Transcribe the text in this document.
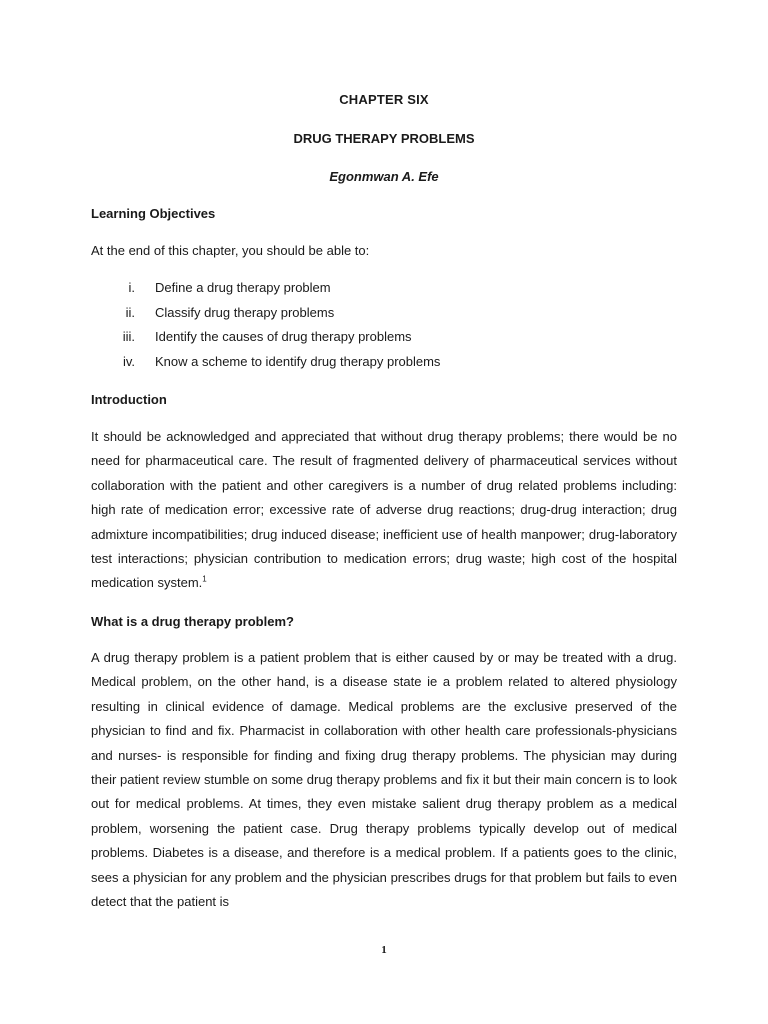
CHAPTER SIX
DRUG THERAPY PROBLEMS
Egonmwan A. Efe
Learning Objectives
At the end of this chapter, you should be able to:
i.	Define a drug therapy problem
ii.	Classify drug therapy problems
iii.	Identify the causes of drug therapy problems
iv.	Know a scheme to identify drug therapy problems
Introduction

It should be acknowledged and appreciated that without drug therapy problems; there would be no need for pharmaceutical care. The result of fragmented delivery of pharmaceutical services without collaboration with the patient and other caregivers is a number of drug related problems including: high rate of medication error; excessive rate of adverse drug reactions; drug-drug interaction; drug admixture incompatibilities; drug induced disease; inefficient use of health manpower; drug-laboratory test interactions; physician contribution to medication errors; drug waste; high cost of the hospital medication system.$^1$

What is a drug therapy problem?

A drug therapy problem is a patient problem that is either caused by or may be treated with a drug. Medical problem, on the other hand, is a disease state ie a problem related to altered physiology resulting in clinical evidence of damage. Medical problems are the exclusive preserved of the physician to find and fix. Pharmacist in collaboration with other health care professionals-physicians and nurses- is responsible for finding and fixing drug therapy problems. The physician may during their patient review stumble on some drug therapy problems and fix it but their main concern is to look out for medical problems. At times, they even mistake salient drug therapy problem as a medical problem, worsening the patient case. Drug therapy problems typically develop out of medical problems. Diabetes is a disease, and therefore is a medical problem. If a patients goes to the clinic, sees a physician for any problem and the physician prescribes drugs for that problem but fails to even detect that the patient is

1
